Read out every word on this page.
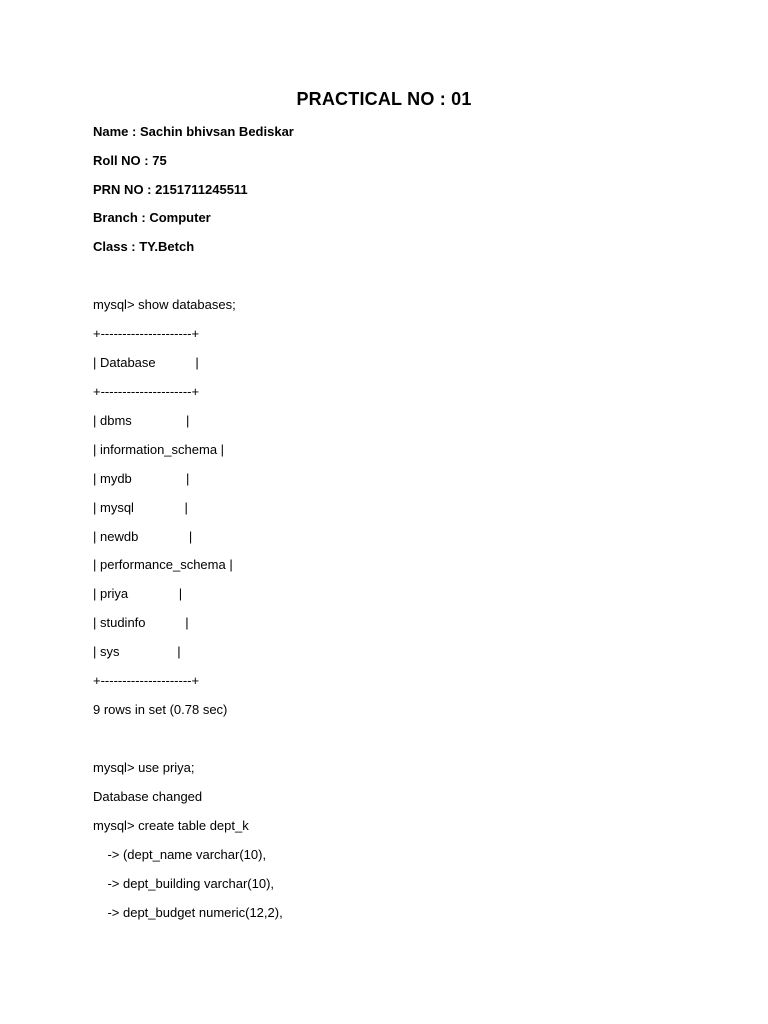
PRACTICAL NO : 01
Name : Sachin bhivsan Bediskar
Roll NO : 75
PRN NO : 2151711245511
Branch : Computer
Class : TY.Betch
mysql> show databases;
+---------------------+
| Database           |
+---------------------+
| dbms               |
| information_schema |
| mydb               |
| mysql              |
| newdb              |
| performance_schema |
| priya              |
| studinfo           |
| sys                |
+---------------------+
9 rows in set (0.78 sec)
mysql> use priya;
Database changed
mysql> create table dept_k
-> (dept_name varchar(10),
-> dept_building varchar(10),
-> dept_budget numeric(12,2),
